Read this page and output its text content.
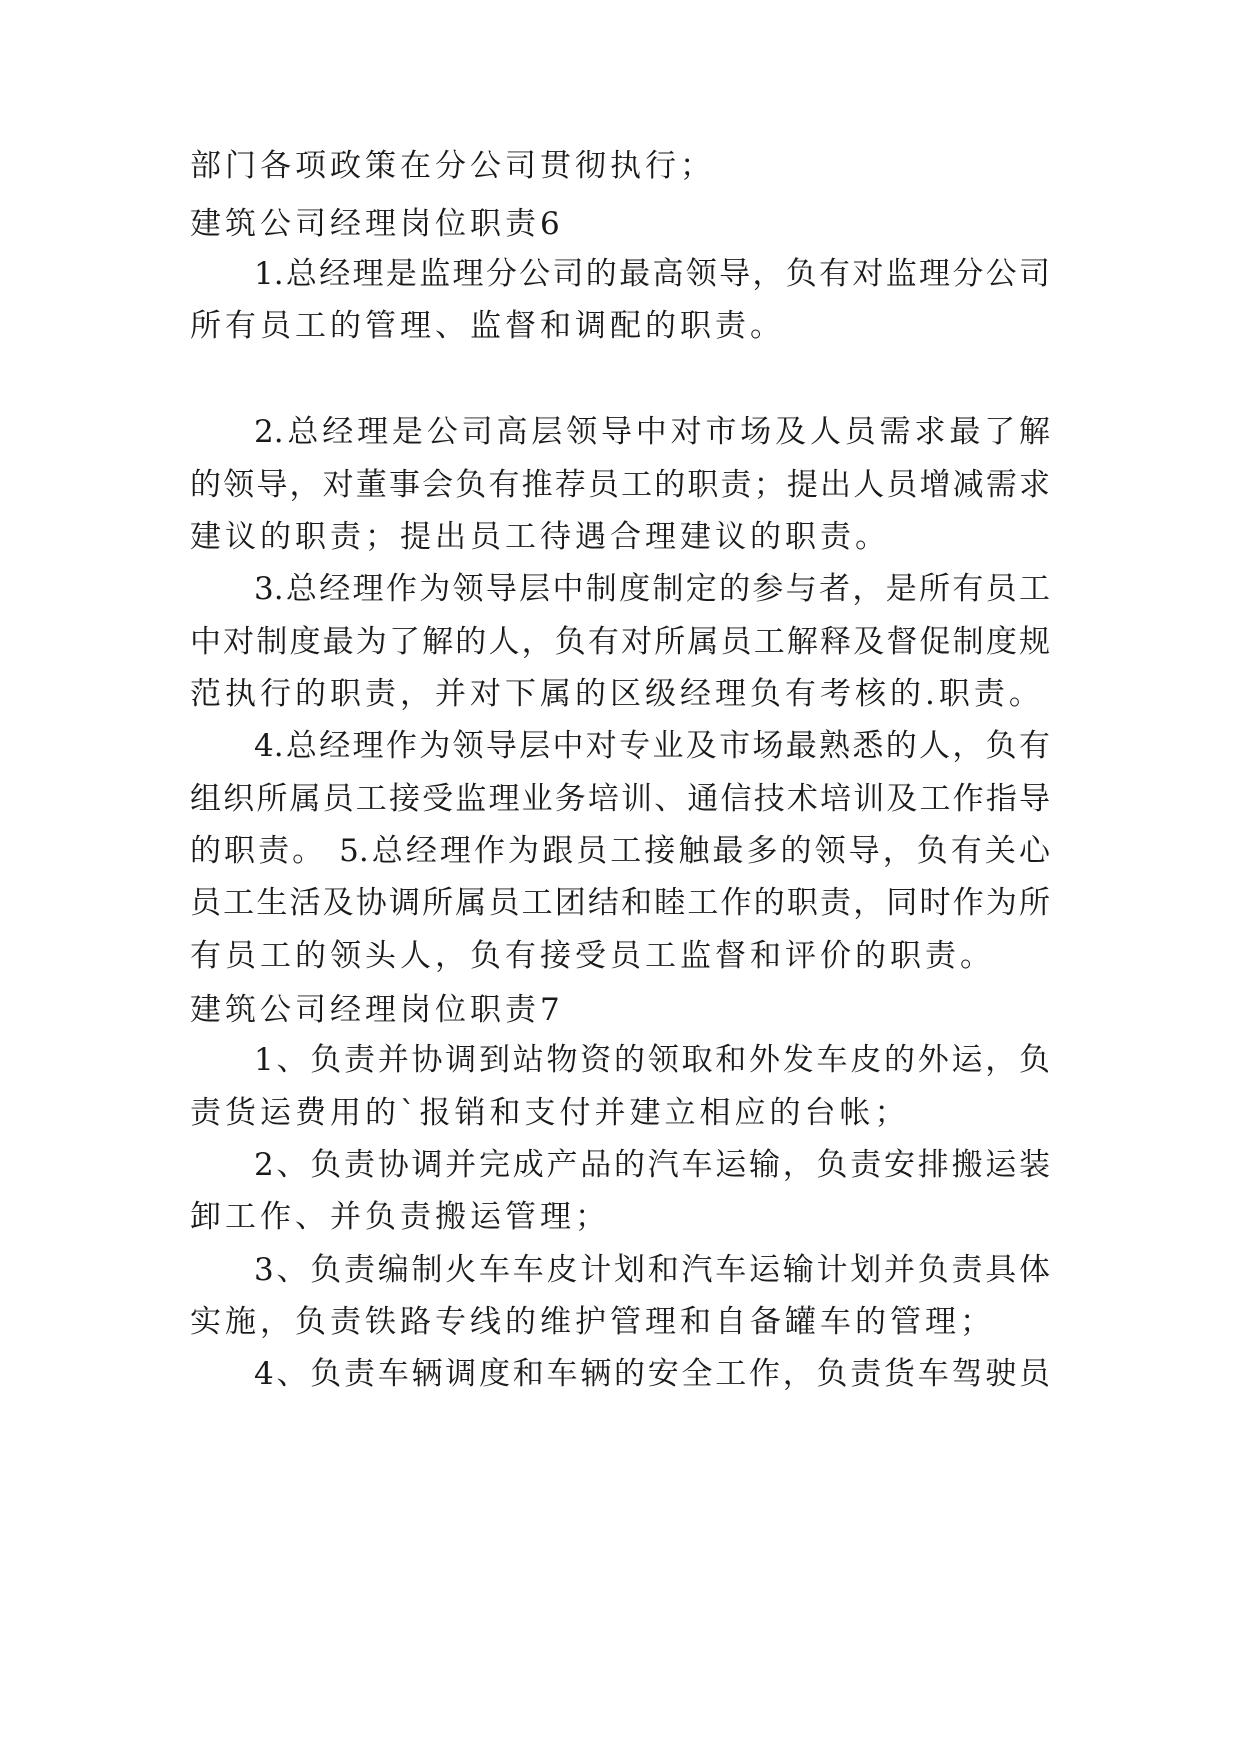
部门各项政策在分公司贯彻执行；

建筑公司经理岗位职责6

1.总经理是监理分公司的最高领导，负有对监理分公司

所有员工的管理、监督和调配的职责。

2.总经理是公司高层领导中对市场及人员需求最了解

的领导，对董事会负有推荐员工的职责；提出人员增减需求

建议的职责；提出员工待遇合理建议的职责。

3.总经理作为领导层中制度制定的参与者，是所有员工

中对制度最为了解的人，负有对所属员工解释及督促制度规

范执行的职责，并对下属的区级经理负有考核的.职责。

4.总经理作为领导层中对专业及市场最熟悉的人，负有

组织所属员工接受监理业务培训、通信技术培训及工作指导

的职责。 5.总经理作为跟员工接触最多的领导，负有关心

员工生活及协调所属员工团结和睦工作的职责，同时作为所

有员工的领头人，负有接受员工监督和评价的职责。

建筑公司经理岗位职责7

1、负责并协调到站物资的领取和外发车皮的外运，负

责货运费用的`报销和支付并建立相应的台帐；

2、负责协调并完成产品的汽车运输，负责安排搬运装

卸工作、并负责搬运管理；

3、负责编制火车车皮计划和汽车运输计划并负责具体

实施，负责铁路专线的维护管理和自备罐车的管理；

4、负责车辆调度和车辆的安全工作，负责货车驾驶员
